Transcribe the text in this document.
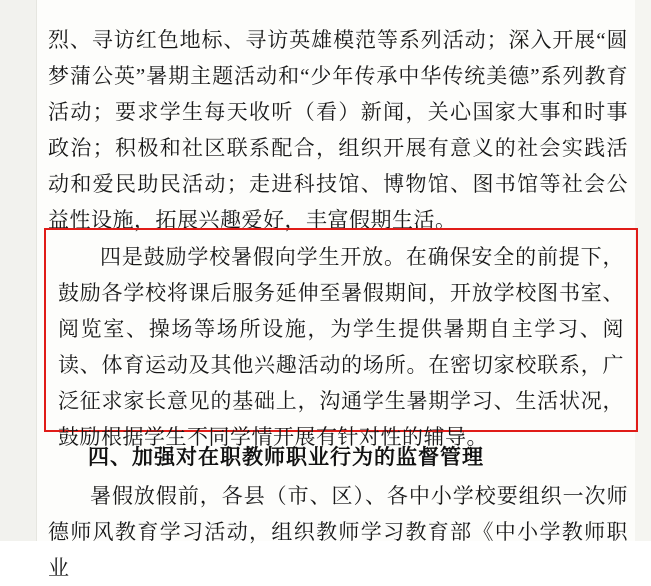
烈、寻访红色地标、寻访英雄模范等系列活动；深入开展“圆梦蒲公英”暑期主题活动和“少年传承中华传统美德”系列教育活动；要求学生每天收听（看）新闻，关心国家大事和时事政治；积极和社区联系配合，组织开展有意义的社会实践活动和爱民助民活动；走进科技馆、博物馆、图书馆等社会公益性设施，拓展兴趣爱好，丰富假期生活。

四是鼓励学校暑假向学生开放。在确保安全的前提下，鼓励各学校将课后服务延伸至暑假期间，开放学校图书室、阅览室、操场等场所设施，为学生提供暑期自主学习、阅读、体育运动及其他兴趣活动的场所。在密切家校联系，广泛征求家长意见的基础上，沟通学生暑期学习、生活状况，鼓励根据学生不同学情开展有针对性的辅导。

四、加强对在职教师职业行为的监督管理

暑假放假前，各县（市、区）、各中小学校要组织一次师德师风教育学习活动，组织教师学习教育部《中小学教师职业
